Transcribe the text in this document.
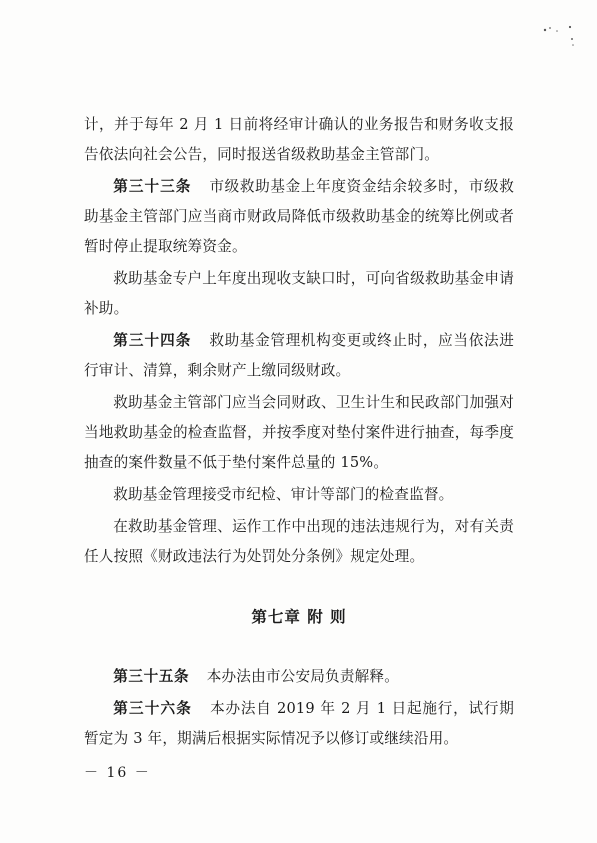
计，并于每年 2 月 1 日前将经审计确认的业务报告和财务收支报告依法向社会公告，同时报送省级救助基金主管部门。

第三十三条 市级救助基金上年度资金结余较多时，市级救助基金主管部门应当商市财政局降低市级救助基金的统筹比例或者暂时停止提取统筹资金。

救助基金专户上年度出现收支缺口时，可向省级救助基金申请补助。

第三十四条 救助基金管理机构变更或终止时，应当依法进行审计、清算，剩余财产上缴同级财政。

救助基金主管部门应当会同财政、卫生计生和民政部门加强对当地救助基金的检查监督，并按季度对垫付案件进行抽查，每季度抽查的案件数量不低于垫付案件总量的 15%。

救助基金管理接受市纪检、审计等部门的检查监督。

在救助基金管理、运作工作中出现的违法违规行为，对有关责任人按照《财政违法行为处罚处分条例》规定处理。

第七章 附 则

第三十五条 本办法由市公安局负责解释。

第三十六条 本办法自 2019 年 2 月 1 日起施行，试行期暂定为 3 年，期满后根据实际情况予以修订或继续沿用。

－ 16 －
